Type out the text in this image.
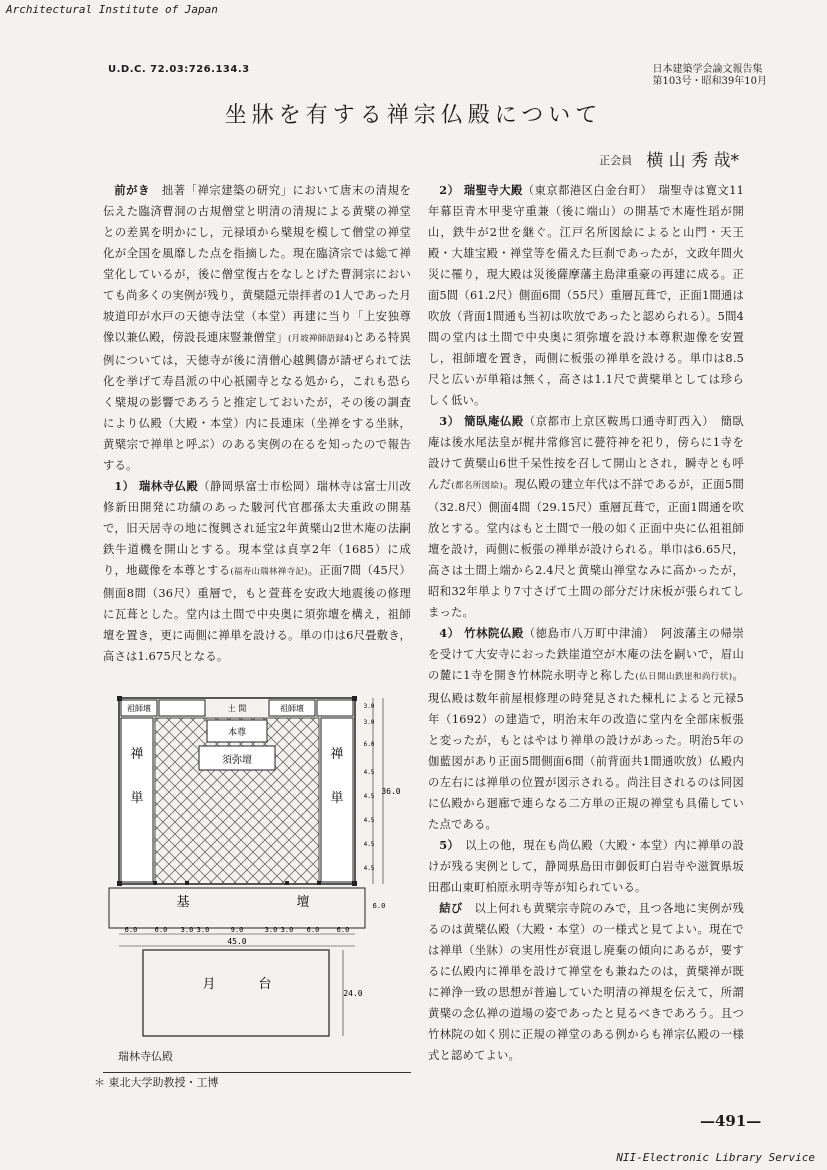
Architectural Institute of Japan
NII-Electronic Library Service
U.D.C. 72.03:726.134.3	日本建築学会論文報告集
第103号・昭和39年10月
坐牀を有する禅宗仏殿について
正会員 横 山 秀 哉*

前がき　 拙著「禅宗建築の研究」において唐末の清規を伝えた臨済曹洞の古規僧堂と明清の清規による黄檗の禅堂との差異を明かにし，元禄頃から檗規を模して僧堂の禅堂化が全国を風靡した点を指摘した。現在臨済宗では総て禅堂化しているが，後に僧堂復古をなしとげた曹洞宗においても尚多くの実例が残り，黄檗隠元崇拝者の1人であった月坡道印が水戸の天徳寺法堂（本堂）再建に当り「上安独尊像以兼仏殿，傍設長連床豎兼僧堂」(月坡禅師語録4)とある特異例については，天徳寺が後に清僧心越興儔が請ぜられて法化を挙げて寿昌派の中心祇園寺となる処から，これも恐らく檗規の影響であろうと推定しておいたが，その後の調査により仏殿（大殿・本堂）内に長連床（坐禅をする坐牀，黄檗宗で禅単と呼ぶ）のある実例の在るを知ったので報告する。

1） 瑞林寺仏殿（静岡県富士市松岡）瑞林寺は富士川改修新田開発に功績のあった駿河代官郡孫太夫重政の開基で，旧天居寺の地に復興され延宝2年黄檗山2世木庵の法嗣鉄牛道機を開山とする。現本堂は貞享2年（1685）に成り，地蔵像を本尊とする(福寿山瑞林禅寺記)。正面7間（45尺）側面8間（36尺）重層で，もと萱葺を安政大地震後の修理に瓦葺とした。堂内は土間で中央奥に須弥壇を構え，祖師壇を置き，更に両側に禅単を設ける。単の巾は6尺畳敷き，高さは1.675尺となる。

2） 瑞聖寺大殿（東京都港区白金台町）　 瑞聖寺は寛文11年幕臣青木甲斐守重兼（後に端山）の開基で木庵性瑫が開山，鉄牛が2世を継ぐ。江戸名所図絵によると山門・天王殿・大雄宝殿・禅堂等を備えた巨刹であったが，文政年間火災に罹り，現大殿は災後薩摩藩主島津重豪の再建に成る。正面5間（61.2尺）側面6間（55尺）重層瓦葺で，正面1間通は吹放（背面1間通も当初は吹放であったと認められる）。5間4間の堂内は土間で中央奥に須弥壇を設け本尊釈迦像を安置し，祖師壇を置き，両側に板張の禅単を設ける。単巾は8.5尺と広いが単箱は無く，高さは1.1尺で黄檗単としては珍らしく低い。

3） 簡臥庵仏殿（京都市上京区鞍馬口通寺町西入）　 簡臥庵は後水尾法皇が梶井常修宮に甍符神を祀り，傍らに1寺を設けて黄檗山6世千呆性按を召して開山とされ，瞬寺とも呼んだ(都名所図絵)。現仏殿の建立年代は不詳であるが，正面5間（32.8尺）側面4間（29.15尺）重層瓦葺で，正面1間通を吹放とする。堂内はもと土間で一般の如く正面中央に仏祖祖師壇を設け，両側に板張の禅単が設けられる。単巾は6.65尺，高さは土間上端から2.4尺と黄檗山禅堂なみに高かったが，昭和32年単より7寸さげて土間の部分だけ床板が張られてしまった。

4） 竹林院仏殿（徳島市八万町中津浦）　 阿波藩主の帰崇を受けて大安寺におった鉄崖道空が木庵の法を嗣いで，眉山の麓に1寺を開き竹林院永明寺と称した(仏日開山鉄崖和尚行状)。現仏殿は数年前屋根修理の時発見された棟札によると元禄5年（1692）の建造で，明治末年の改造に堂内を全部床板張と変ったが，もとはやはり禅単の設けがあった。明治5年の伽藍図があり正面5間側面6間（前背面共1間通吹放）仏殿内の左右には禅単の位置が図示される。尚注目されるのは同図に仏殿から廻廊で連らなる二方単の正規の禅堂も具備していた点である。

5）　 以上の他，現在も尚仏殿（大殿・本堂）内に禅単の設けが残る実例として，静岡県島田市御仮町白岩寺や滋賀県坂田郡山東町柏原永明寺等が知られている。

結び　 以上何れも黄檗宗寺院のみで，且つ各地に実例が残るのは黄檗仏殿（大殿・本堂）の一様式と見てよい。現在では禅単（坐牀）の実用性が衰退し廃棄の傾向にあるが，要するに仏殿内に禅単を設けて禅堂をも兼ねたのは，黄檗禅が既に禅浄一致の思想が普遍していた明清の禅規を伝えて，所謂黄檗の念仏禅の道場の姿であったと見るべきであろう。且つ竹林院の如く別に正規の禅堂のある例からも禅宗仏殿の一様式と認めてよい。

祖師壇	土 間	祖師壇
本尊
須弥壇
禅
単
禅
単
基	壇
月	台
6.0 6.0 3.0 3.0	9.0	3.0 3.0 6.0 6.0
45.0
36.0
3.0
3.0
6.0
4.5
4.5
4.5
4.5
4.5
6.0
24.0
瑞林寺仏殿
＊ 東北大学助教授・工博
—491—
